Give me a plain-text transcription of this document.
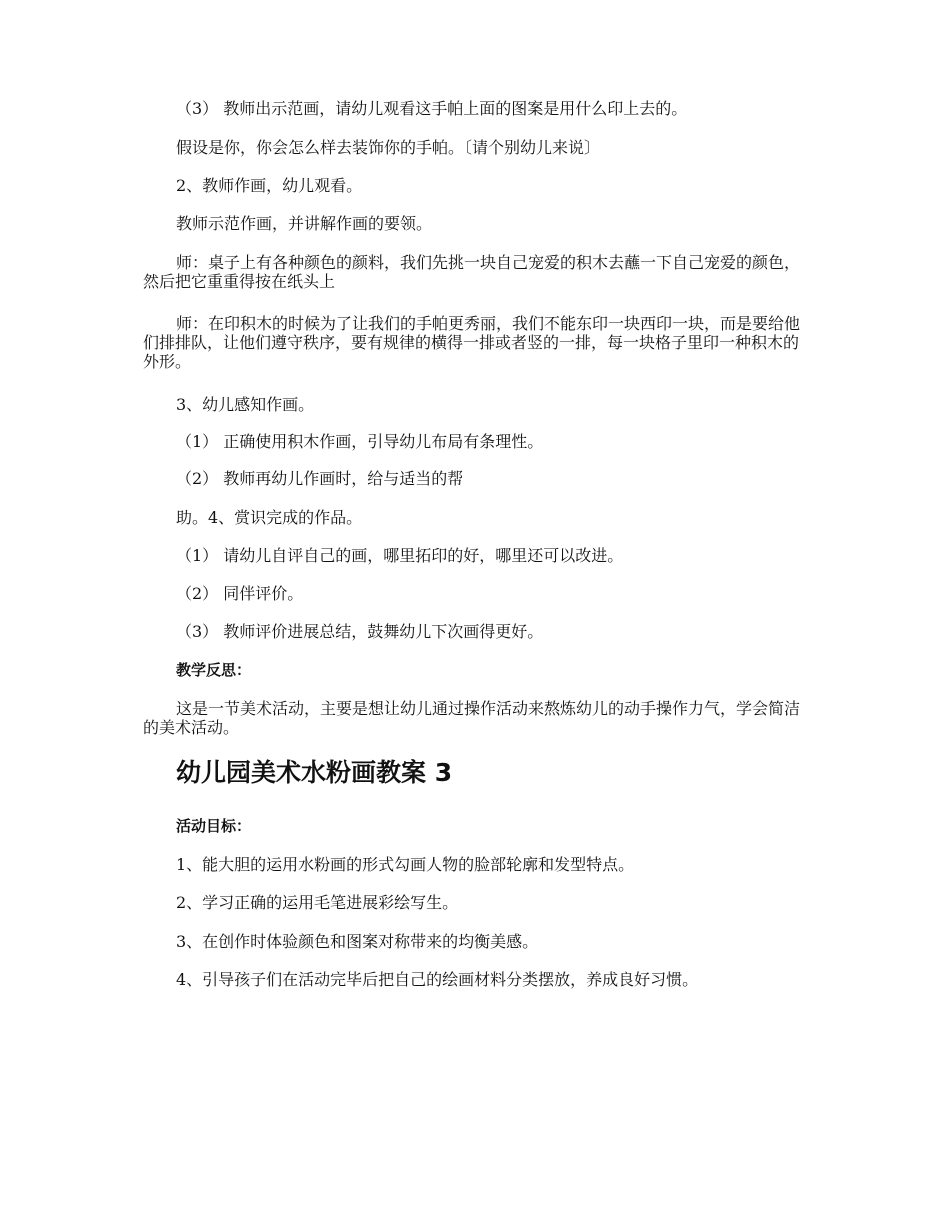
（3） 教师出示范画，请幼儿观看这手帕上面的图案是用什么印上去的。

假设是你，你会怎么样去装饰你的手帕。〔请个别幼儿来说〕

2、教师作画，幼儿观看。

教师示范作画，并讲解作画的要领。

师：桌子上有各种颜色的颜料，我们先挑一块自己宠爱的积木去蘸一下自己宠爱的颜色，然后把它重重得按在纸头上

师：在印积木的时候为了让我们的手帕更秀丽，我们不能东印一块西印一块，而是要给他们排排队，让他们遵守秩序，要有规律的横得一排或者竖的一排，每一块格子里印一种积木的外形。

3、幼儿感知作画。

（1） 正确使用积木作画，引导幼儿布局有条理性。

（2） 教师再幼儿作画时，给与适当的帮

助。4、赏识完成的作品。

（1） 请幼儿自评自己的画，哪里拓印的好，哪里还可以改进。

（2） 同伴评价。

（3） 教师评价进展总结，鼓舞幼儿下次画得更好。

教学反思：

这是一节美术活动，主要是想让幼儿通过操作活动来熬炼幼儿的动手操作力气，学会简洁的美术活动。

幼儿园美术水粉画教案 3

活动目标：

1、能大胆的运用水粉画的形式勾画人物的脸部轮廓和发型特点。

2、学习正确的运用毛笔进展彩绘写生。

3、在创作时体验颜色和图案对称带来的均衡美感。

4、引导孩子们在活动完毕后把自己的绘画材料分类摆放，养成良好习惯。
